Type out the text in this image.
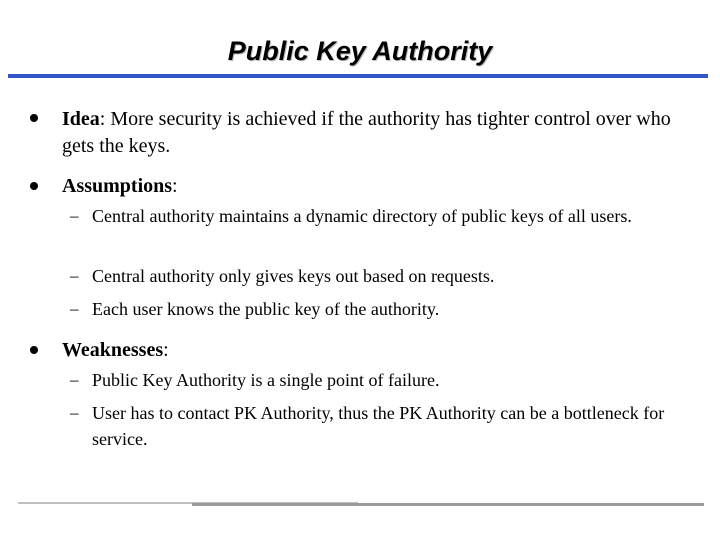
Public Key Authority
Idea: More security is achieved if the authority has tighter control over who gets the keys.
Assumptions:
– Central authority maintains a dynamic directory of public keys of all users.
– Central authority only gives keys out based on requests.
– Each user knows the public key of the authority.
Weaknesses:
– Public Key Authority is a single point of failure.
– User has to contact PK Authority, thus the PK Authority can be a bottleneck for service.
